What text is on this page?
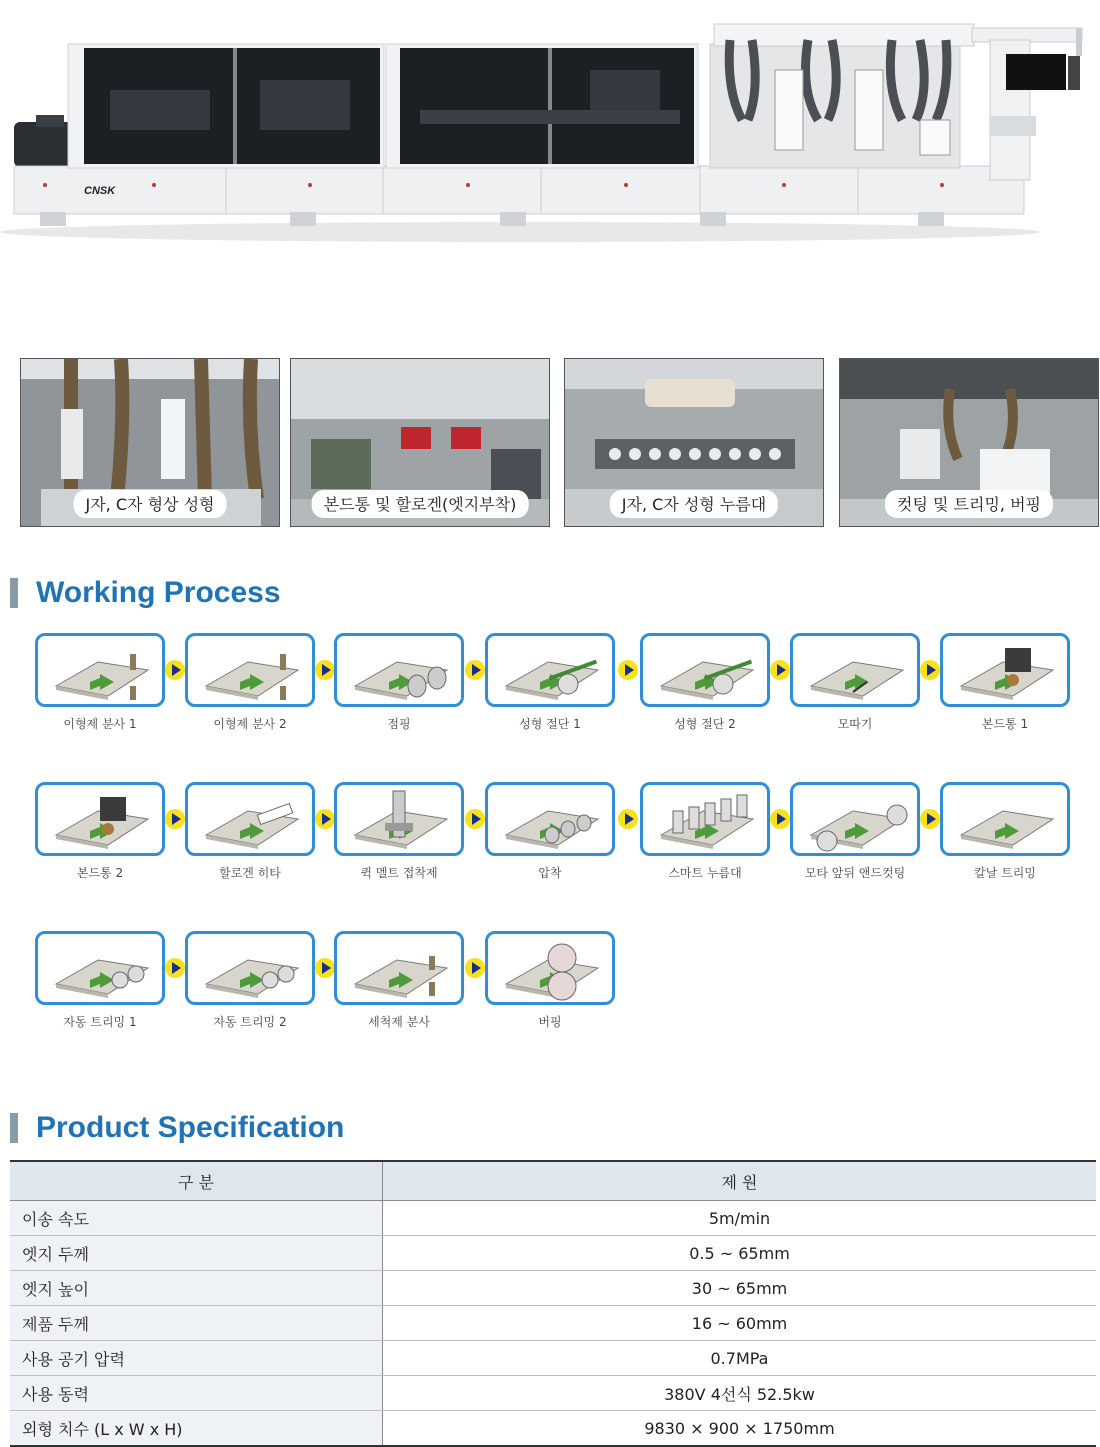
CNSK
J자, C자 형상 성형	본드통 및 할로겐(엣지부착)	J자, C자 성형 누름대	컷팅 및 트리밍, 버핑
Working Process
이형제 분사 1	이형제 분사 2	점핑	성형 절단 1	성형 절단 2	모따기	본드통 1
본드통 2	할로겐 히타	퀵 멜트 접착제	압착	스마트 누름대	모타 앞뒤 앤드컷팅	칼날 트리밍
자동 트리밍 1	자동 트리밍 2	세척제 분사	버핑
Product Specification
구 분	제 원
이송 속도	5m/min
엣지 두께	0.5 ~ 65mm
엣지 높이	30 ~ 65mm
제품 두께	16 ~ 60mm
사용 공기 압력	0.7MPa
사용 동력	380V 4선식 52.5kw
외형 치수 (L x W x H)	9830 × 900 × 1750mm
